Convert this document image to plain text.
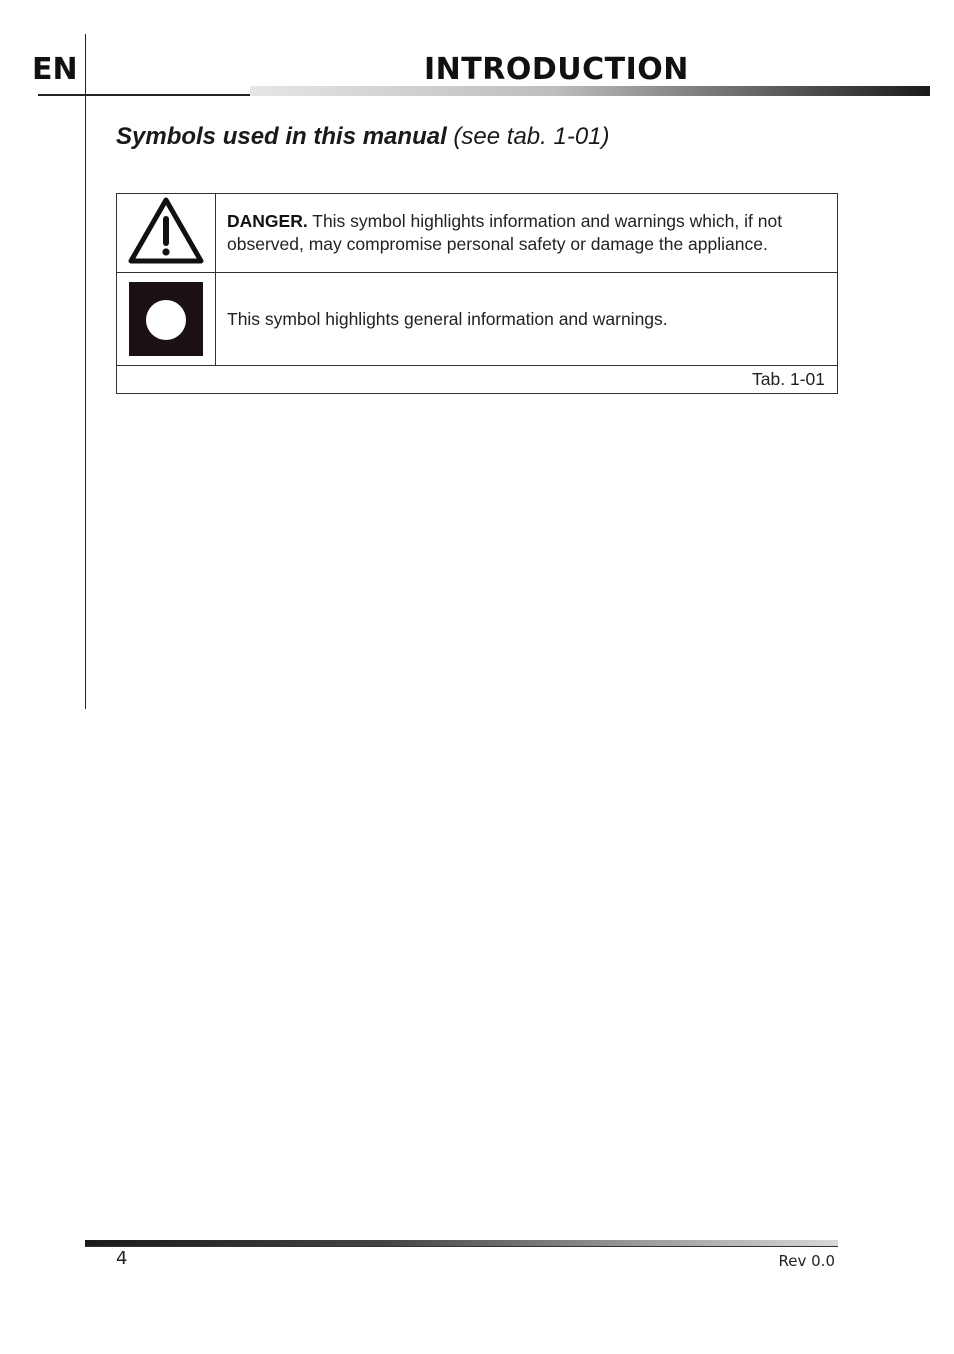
EN	INTRODUCTION
Symbols used in this manual (see tab. 1-01)
	DANGER. This symbol highlights information and warnings which, if not observed, may compromise personal safety or damage the appliance.

	This symbol highlights general information and warnings.
Tab. 1-01	
4	Rev 0.0
